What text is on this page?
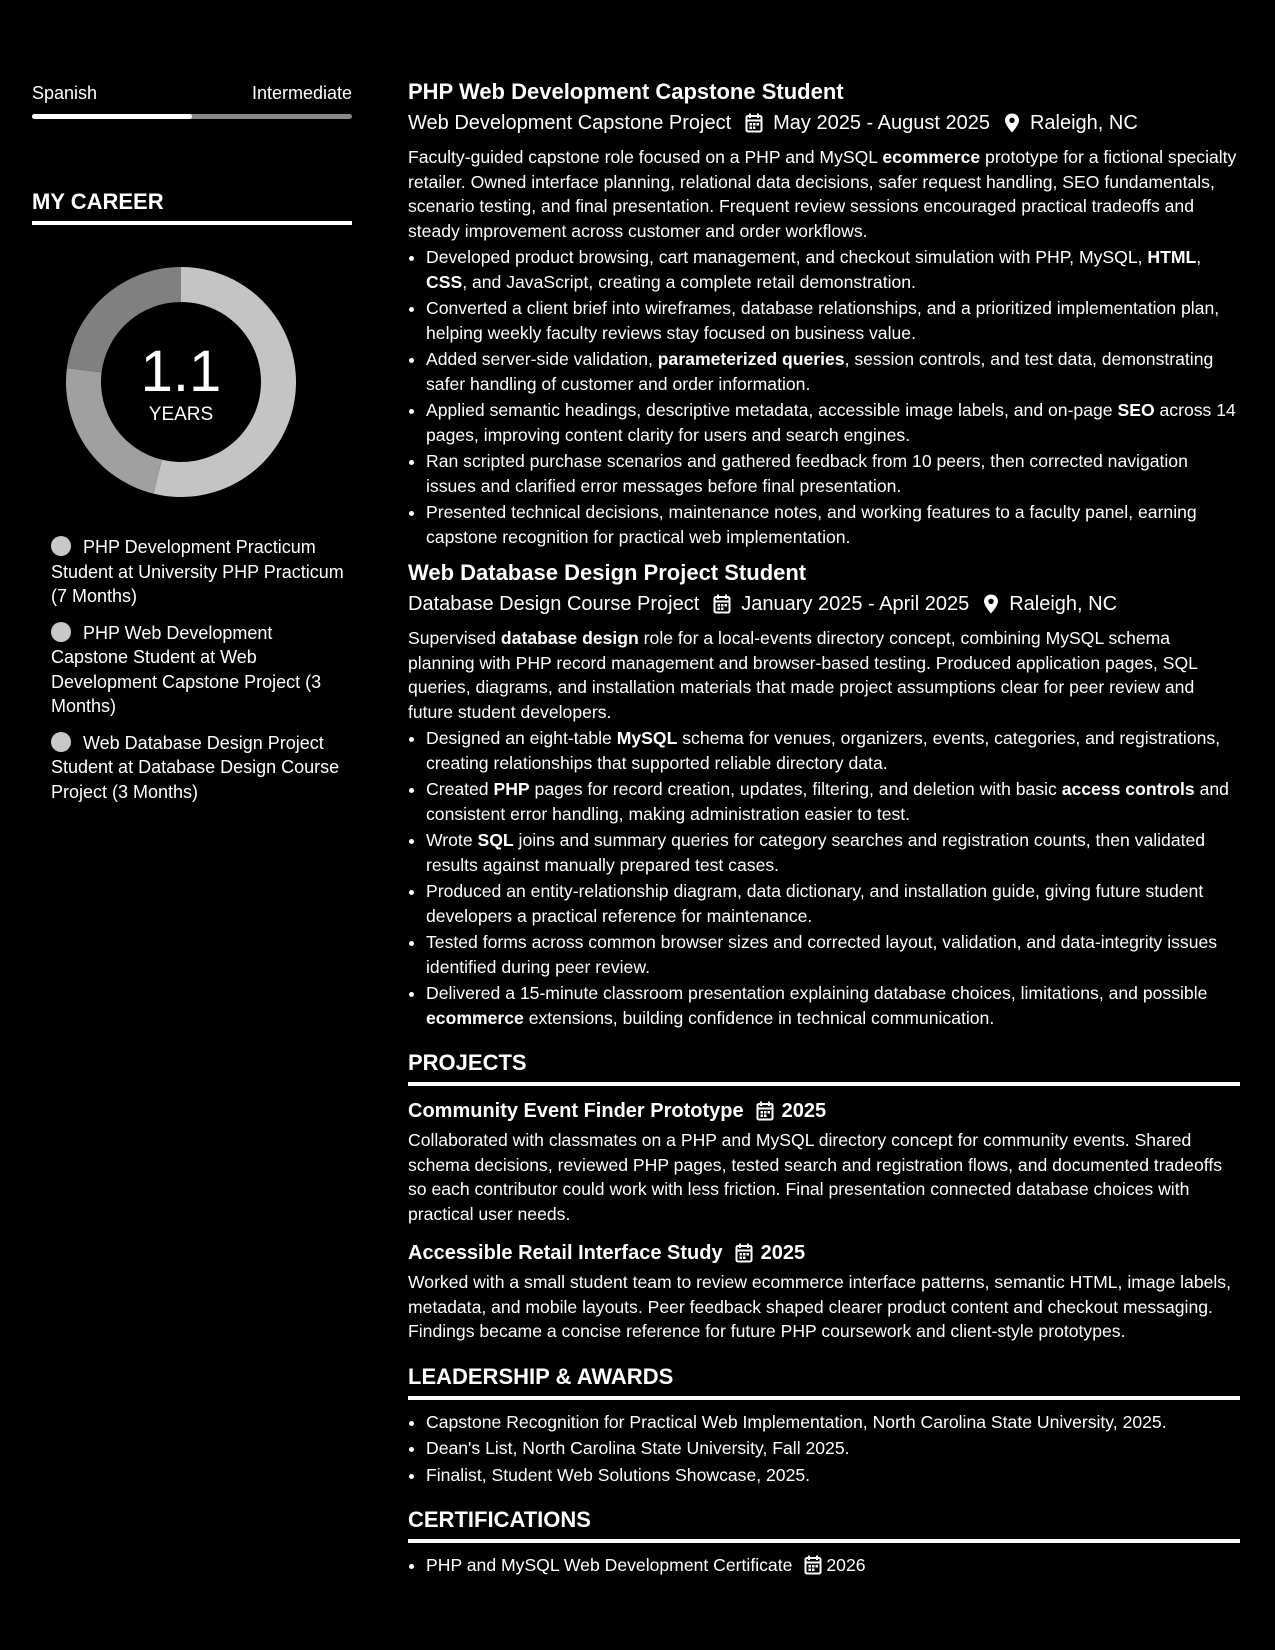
Spanish	Intermediate
MY CAREER
1.1
YEARS
PHP Development Practicum Student at University PHP Practicum (7 Months)
PHP Web Development Capstone Student at Web Development Capstone Project (3 Months)
Web Database Design Project Student at Database Design Course Project (3 Months)
PHP Web Development Capstone Student
Web Development Capstone Project May 2025 - August 2025 Raleigh, NC
Faculty-guided capstone role focused on a PHP and MySQL ecommerce prototype for a fictional specialty retailer. Owned interface planning, relational data decisions, safer request handling, SEO fundamentals, scenario testing, and final presentation. Frequent review sessions encouraged practical tradeoffs and steady improvement across customer and order workflows.
• Developed product browsing, cart management, and checkout simulation with PHP, MySQL, HTML, CSS, and JavaScript, creating a complete retail demonstration.
• Converted a client brief into wireframes, database relationships, and a prioritized implementation plan, helping weekly faculty reviews stay focused on business value.
• Added server-side validation, parameterized queries, session controls, and test data, demonstrating safer handling of customer and order information.
• Applied semantic headings, descriptive metadata, accessible image labels, and on-page SEO across 14 pages, improving content clarity for users and search engines.
• Ran scripted purchase scenarios and gathered feedback from 10 peers, then corrected navigation issues and clarified error messages before final presentation.
• Presented technical decisions, maintenance notes, and working features to a faculty panel, earning capstone recognition for practical web implementation.
Web Database Design Project Student
Database Design Course Project January 2025 - April 2025 Raleigh, NC
Supervised database design role for a local-events directory concept, combining MySQL schema planning with PHP record management and browser-based testing. Produced application pages, SQL queries, diagrams, and installation materials that made project assumptions clear for peer review and future student developers.
• Designed an eight-table MySQL schema for venues, organizers, events, categories, and registrations, creating relationships that supported reliable directory data.
• Created PHP pages for record creation, updates, filtering, and deletion with basic access controls and consistent error handling, making administration easier to test.
• Wrote SQL joins and summary queries for category searches and registration counts, then validated results against manually prepared test cases.
• Produced an entity-relationship diagram, data dictionary, and installation guide, giving future student developers a practical reference for maintenance.
• Tested forms across common browser sizes and corrected layout, validation, and data-integrity issues identified during peer review.
• Delivered a 15-minute classroom presentation explaining database choices, limitations, and possible ecommerce extensions, building confidence in technical communication.
PROJECTS
Community Event Finder Prototype 2025
Collaborated with classmates on a PHP and MySQL directory concept for community events. Shared schema decisions, reviewed PHP pages, tested search and registration flows, and documented tradeoffs so each contributor could work with less friction. Final presentation connected database choices with practical user needs.
Accessible Retail Interface Study 2025
Worked with a small student team to review ecommerce interface patterns, semantic HTML, image labels, metadata, and mobile layouts. Peer feedback shaped clearer product content and checkout messaging. Findings became a concise reference for future PHP coursework and client-style prototypes.
LEADERSHIP & AWARDS
• Capstone Recognition for Practical Web Implementation, North Carolina State University, 2025.
• Dean's List, North Carolina State University, Fall 2025.
• Finalist, Student Web Solutions Showcase, 2025.
CERTIFICATIONS
• PHP and MySQL Web Development Certificate 2026
